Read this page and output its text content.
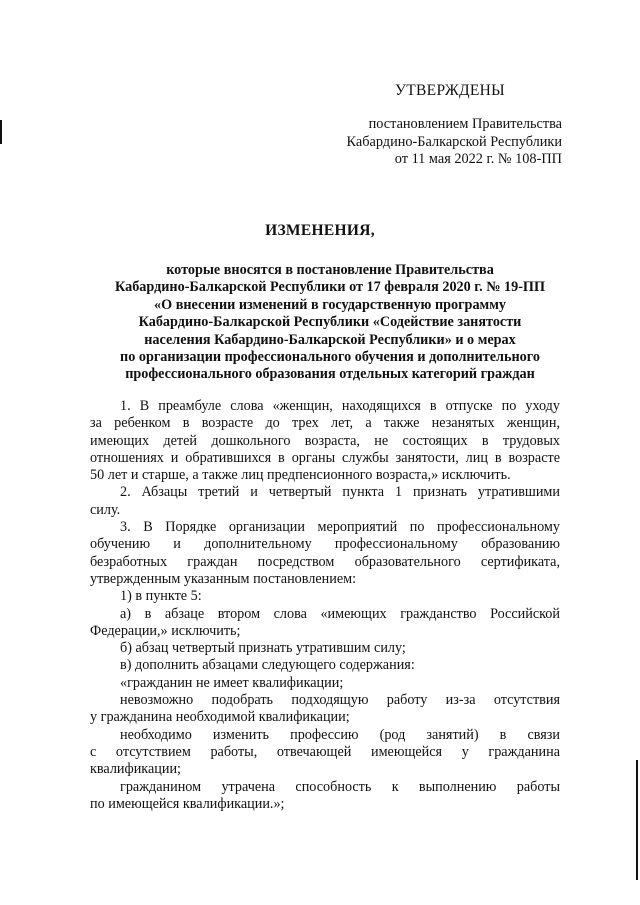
УТВЕРЖДЕНЫ
постановлением Правительства
Кабардино-Балкарской Республики
от 11 мая 2022 г. № 108-ПП
ИЗМЕНЕНИЯ,
которые вносятся в постановление Правительства
Кабардино-Балкарской Республики от 17 февраля 2020 г. № 19-ПП
«О внесении изменений в государственную программу
Кабардино-Балкарской Республики «Содействие занятости
населения Кабардино-Балкарской Республики» и о мерах
по организации профессионального обучения и дополнительного
профессионального образования отдельных категорий граждан
1. В преамбуле слова «женщин, находящихся в отпуске по уходу
за ребенком в возрасте до трех лет, а также незанятых женщин,
имеющих детей дошкольного возраста, не состоящих в трудовых
отношениях и обратившихся в органы службы занятости, лиц в возрасте
50 лет и старше, а также лиц предпенсионного возраста,» исключить.
2. Абзацы третий и четвертый пункта 1 признать утратившими
силу.
3. В Порядке организации мероприятий по профессиональному
обучению и дополнительному профессиональному образованию
безработных граждан посредством образовательного сертификата,
утвержденным указанным постановлением:
1) в пункте 5:
а) в абзаце втором слова «имеющих гражданство Российской
Федерации,» исключить;
б) абзац четвертый признать утратившим силу;
в) дополнить абзацами следующего содержания:
«гражданин не имеет квалификации;
невозможно подобрать подходящую работу из-за отсутствия
у гражданина необходимой квалификации;
необходимо изменить профессию (род занятий) в связи
с отсутствием работы, отвечающей имеющейся у гражданина
квалификации;
гражданином утрачена способность к выполнению работы
по имеющейся квалификации.»;
